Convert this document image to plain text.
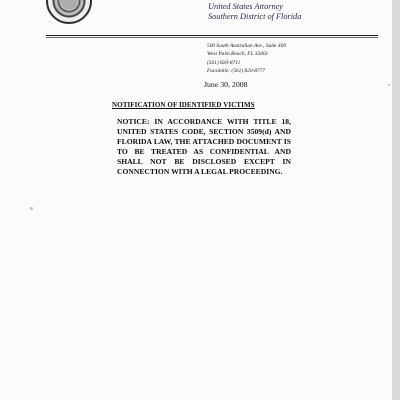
United States Attorney
Southern District of Florida
500 South Australian Ave., Suite 400
West Palm Beach, FL 33401
(561) 820-8711
Facsimile: (561) 820-8777
June 30, 2008
NOTIFICATION OF IDENTIFIED VICTIMS
NOTICE: IN ACCORDANCE WITH TITLE 18, UNITED STATES CODE, SECTION 3509(d) AND FLORIDA LAW, THE ATTACHED DOCUMENT IS TO BE TREATED AS CONFIDENTIAL AND SHALL NOT BE DISCLOSED EXCEPT IN CONNECTION WITH A LEGAL PROCEEDING.
